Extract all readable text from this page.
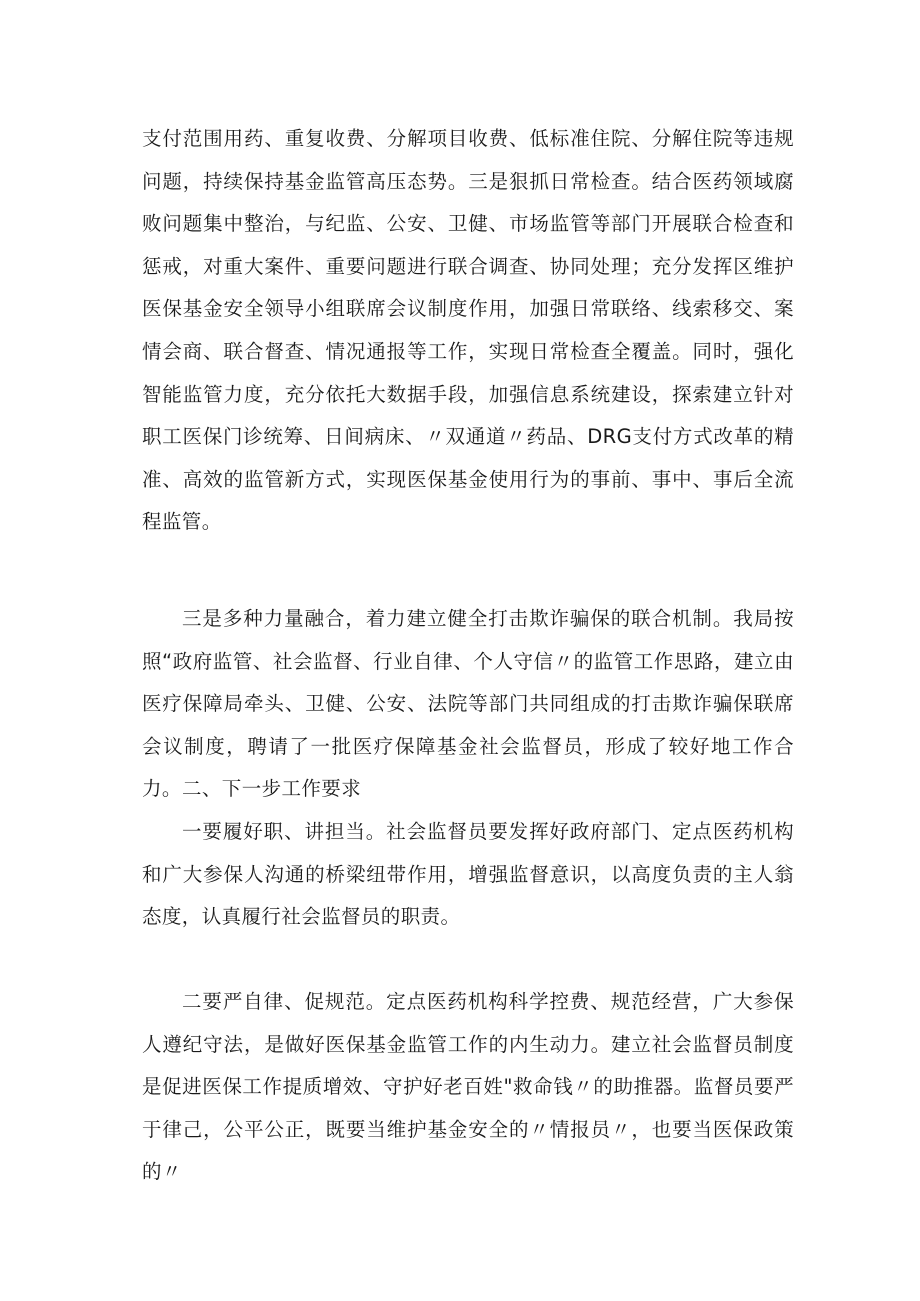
支付范围用药、重复收费、分解项目收费、低标准住院、分解住院等违规问题，持续保持基金监管高压态势。三是狠抓日常检查。结合医药领域腐败问题集中整治，与纪监、公安、卫健、市场监管等部门开展联合检查和惩戒，对重大案件、重要问题进行联合调查、协同处理；充分发挥区维护医保基金安全领导小组联席会议制度作用，加强日常联络、线索移交、案情会商、联合督查、情况通报等工作，实现日常检查全覆盖。同时，强化智能监管力度，充分依托大数据手段，加强信息系统建设，探索建立针对职工医保门诊统筹、日间病床、〃双通道〃药品、DRG支付方式改革的精准、高效的监管新方式，实现医保基金使用行为的事前、事中、事后全流程监管。

三是多种力量融合，着力建立健全打击欺诈骗保的联合机制。我局按照“政府监管、社会监督、行业自律、个人守信〃的监管工作思路，建立由医疗保障局牵头、卫健、公安、法院等部门共同组成的打击欺诈骗保联席会议制度，聘请了一批医疗保障基金社会监督员，形成了较好地工作合力。 二、下一步工作要求

一要履好职、讲担当。社会监督员要发挥好政府部门、定点医药机构和广大参保人沟通的桥梁纽带作用，增强监督意识，以高度负责的主人翁态度，认真履行社会监督员的职责。

二要严自律、促规范。定点医药机构科学控费、规范经营，广大参保人遵纪守法，是做好医保基金监管工作的内生动力。建立社会监督员制度是促进医保工作提质增效、守护好老百姓"救命钱〃的助推器。监督员要严于律己，公平公正，既要当维护基金安全的〃情报员〃，也要当医保政策的〃
